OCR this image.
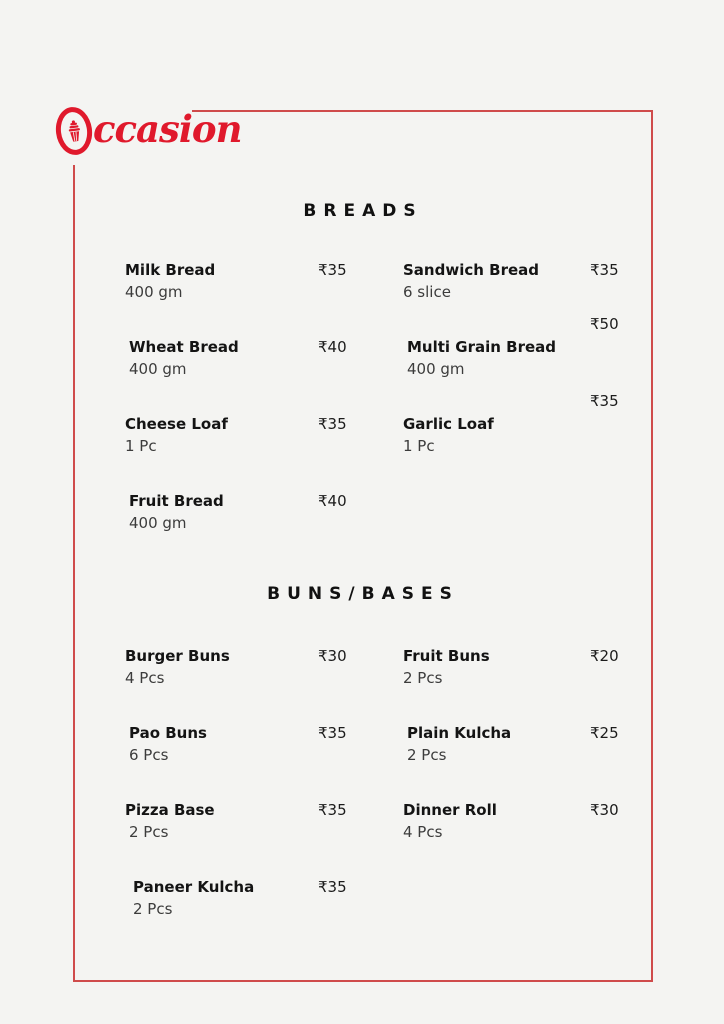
ccasion
BREADS
Milk Bread
400 gm
₹35	Sandwich Bread
6 slice
₹35
Wheat Bread
400 gm
₹40	Multi Grain Bread
400 gm
₹50
Cheese Loaf
1 Pc
₹35	Garlic Loaf
1 Pc
₹35
Fruit Bread
400 gm
₹40
BUNS/BASES
Burger Buns
4 Pcs
₹30	Fruit Buns
2 Pcs
₹20
Pao Buns
6 Pcs
₹35	Plain Kulcha
2 Pcs
₹25
Pizza Base
2 Pcs
₹35	Dinner Roll
4 Pcs
₹30
Paneer Kulcha
2 Pcs
₹35
